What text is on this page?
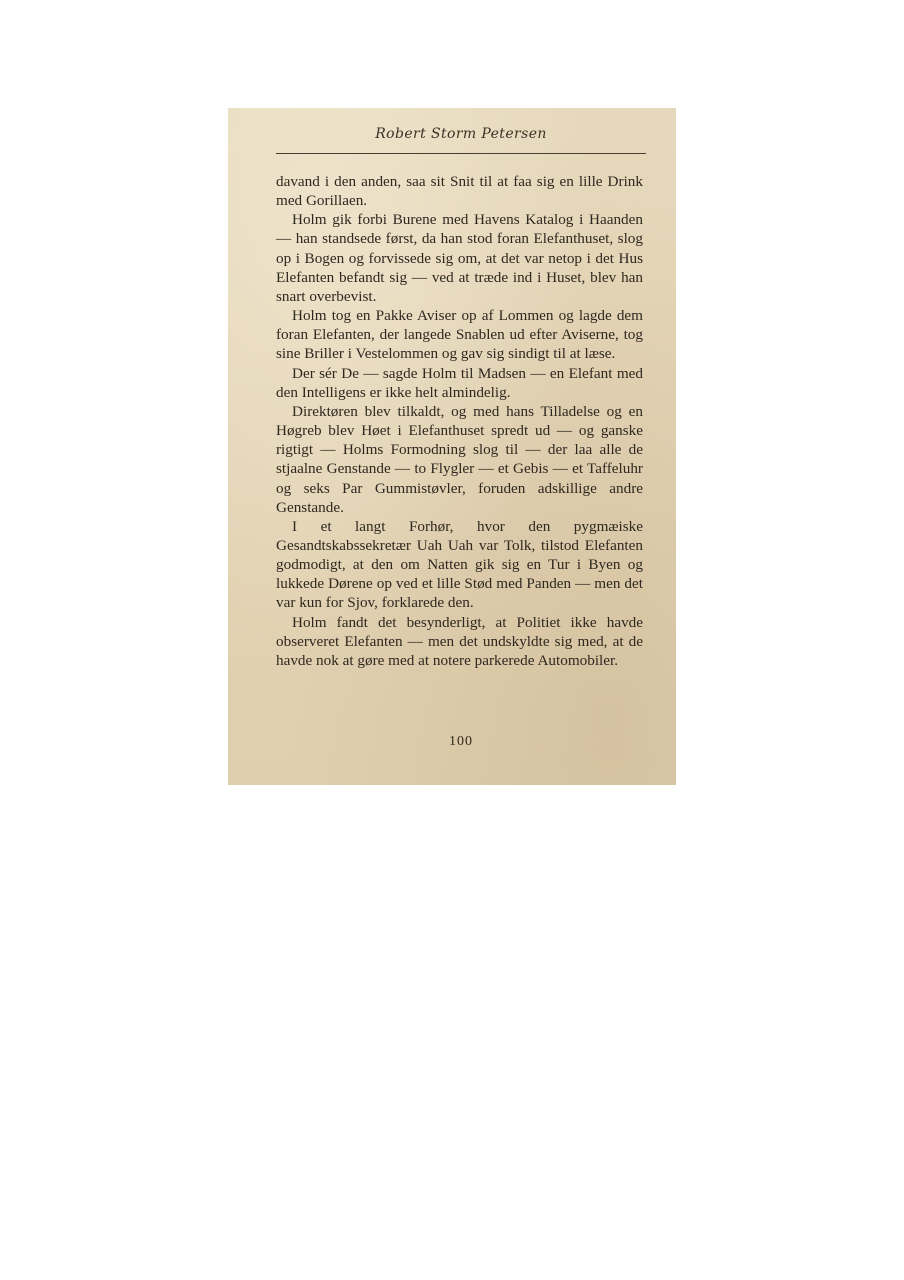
Robert Storm Petersen

davand i den anden, saa sit Snit til at faa sig en lille Drink med Gorillaen.

Holm gik forbi Burene med Havens Katalog i Haanden — han standsede først, da han stod foran Elefanthuset, slog op i Bogen og forvissede sig om, at det var netop i det Hus Elefanten befandt sig — ved at træde ind i Huset, blev han snart overbevist.

Holm tog en Pakke Aviser op af Lommen og lagde dem foran Elefanten, der langede Snablen ud efter Aviserne, tog sine Briller i Vestelommen og gav sig sindigt til at læse.

Der sér De — sagde Holm til Madsen — en Elefant med den Intelligens er ikke helt almindelig.

Direktøren blev tilkaldt, og med hans Tilladelse og en Høgreb blev Høet i Elefanthuset spredt ud — og ganske rigtigt — Holms Formodning slog til — der laa alle de stjaalne Genstande — to Flygler — et Gebis — et Taffeluhr og seks Par Gummistøvler, foruden adskillige andre Genstande.

I et langt Forhør, hvor den pygmæiske Gesandtskabssekretær Uah Uah var Tolk, tilstod Elefanten godmodigt, at den om Natten gik sig en Tur i Byen og lukkede Dørene op ved et lille Stød med Panden — men det var kun for Sjov, forklarede den.

Holm fandt det besynderligt, at Politiet ikke havde observeret Elefanten — men det undskyldte sig med, at de havde nok at gøre med at notere parkerede Automobiler.

100
